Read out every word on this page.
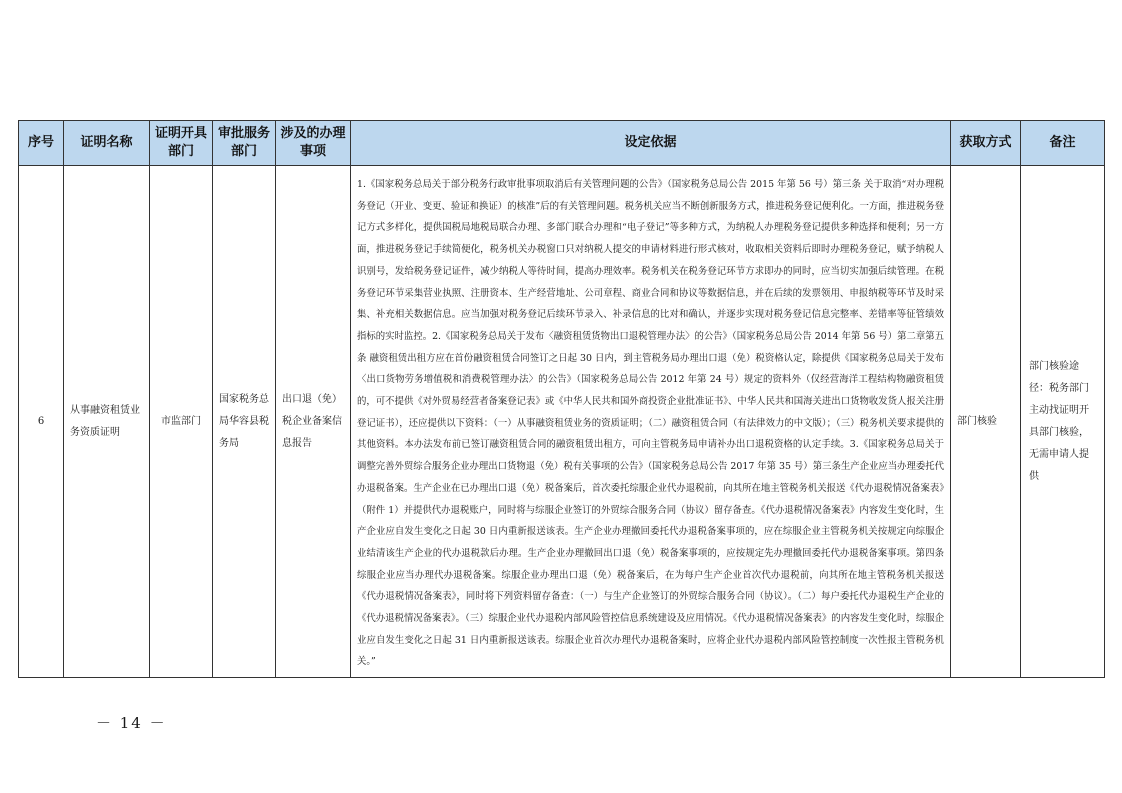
序号	证明名称	证明开具部门	审批服务部门	涉及的办理事项	设定依据	获取方式	备注
6	从事融资租赁业务资质证明	市监部门	国家税务总局华容县税务局	出口退（免）税企业备案信息报告	1.《国家税务总局关于部分税务行政审批事项取消后有关管理问题的公告》（国家税务总局公告 2015 年第 56 号）第三条 关于取消“对办理税务登记（开业、变更、验证和换证）的核准”后的有关管理问题。税务机关应当不断创新服务方式，推进税务登记便利化。一方面，推进税务登记方式多样化，提供国税局地税局联合办理、多部门联合办理和“电子登记”等多种方式，为纳税人办理税务登记提供多种选择和便利；另一方面，推进税务登记手续简便化，税务机关办税窗口只对纳税人提交的申请材料进行形式核对，收取相关资料后即时办理税务登记，赋予纳税人识别号，发给税务登记证件，减少纳税人等待时间，提高办理效率。税务机关在税务登记环节方求即办的同时，应当切实加强后续管理。在税务登记环节采集营业执照、注册资本、生产经营地址、公司章程、商业合同和协议等数据信息，并在后续的发票领用、申报纳税等环节及时采集、补充相关数据信息。应当加强对税务登记后续环节录入、补录信息的比对和确认，并逐步实现对税务登记信息完整率、差错率等征管绩效指标的实时监控。2.《国家税务总局关于发布〈融资租赁货物出口退税管理办法〉的公告》（国家税务总局公告 2014 年第 56 号）第二章第五条 融资租赁出租方应在首份融资租赁合同签订之日起 30 日内，到主管税务局办理出口退（免）税资格认定，除提供《国家税务总局关于发布〈出口货物劳务增值税和消费税管理办法〉的公告》（国家税务总局公告 2012 年第 24 号）规定的资料外（仅经营海洋工程结构物融资租赁的，可不提供《对外贸易经营者备案登记表》或《中华人民共和国外商投资企业批准证书》、中华人民共和国海关进出口货物收发货人报关注册登记证书），还应提供以下资料：（一）从事融资租赁业务的资质证明；（二）融资租赁合同（有法律效力的中文版）；（三）税务机关要求提供的其他资料。本办法发布前已签订融资租赁合同的融资租赁出租方，可向主管税务局申请补办出口退税资格的认定手续。3.《国家税务总局关于调整完善外贸综合服务企业办理出口货物退（免）税有关事项的公告》（国家税务总局公告 2017 年第 35 号）第三条生产企业应当办理委托代办退税备案。生产企业在已办理出口退（免）税备案后，首次委托综服企业代办退税前，向其所在地主管税务机关报送《代办退税情况备案表》（附件 1）并提供代办退税账户，同时将与综服企业签订的外贸综合服务合同（协议）留存备查。《代办退税情况备案表》内容发生变化时，生产企业应自发生变化之日起 30 日内重新报送该表。生产企业办理撤回委托代办退税备案事项的，应在综服企业主管税务机关按规定向综服企业结清该生产企业的代办退税款后办理。生产企业办理撤回出口退（免）税备案事项的，应按规定先办理撤回委托代办退税备案事项。第四条 综服企业应当办理代办退税备案。综服企业办理出口退（免）税备案后，在为每户生产企业首次代办退税前，向其所在地主管税务机关报送《代办退税情况备案表》，同时将下列资料留存备查：（一）与生产企业签订的外贸综合服务合同（协议）。（二）每户委托代办退税生产企业的《代办退税情况备案表》。（三）综服企业代办退税内部风险管控信息系统建设及应用情况。《代办退税情况备案表》的内容发生变化时，综服企业应自发生变化之日起 31 日内重新报送该表。综服企业首次办理代办退税备案时，应将企业代办退税内部风险管控制度一次性报主管税务机关。”	部门核验	部门核验途径：税务部门主动找证明开具部门核验，无需申请人提供
－ 14 －
